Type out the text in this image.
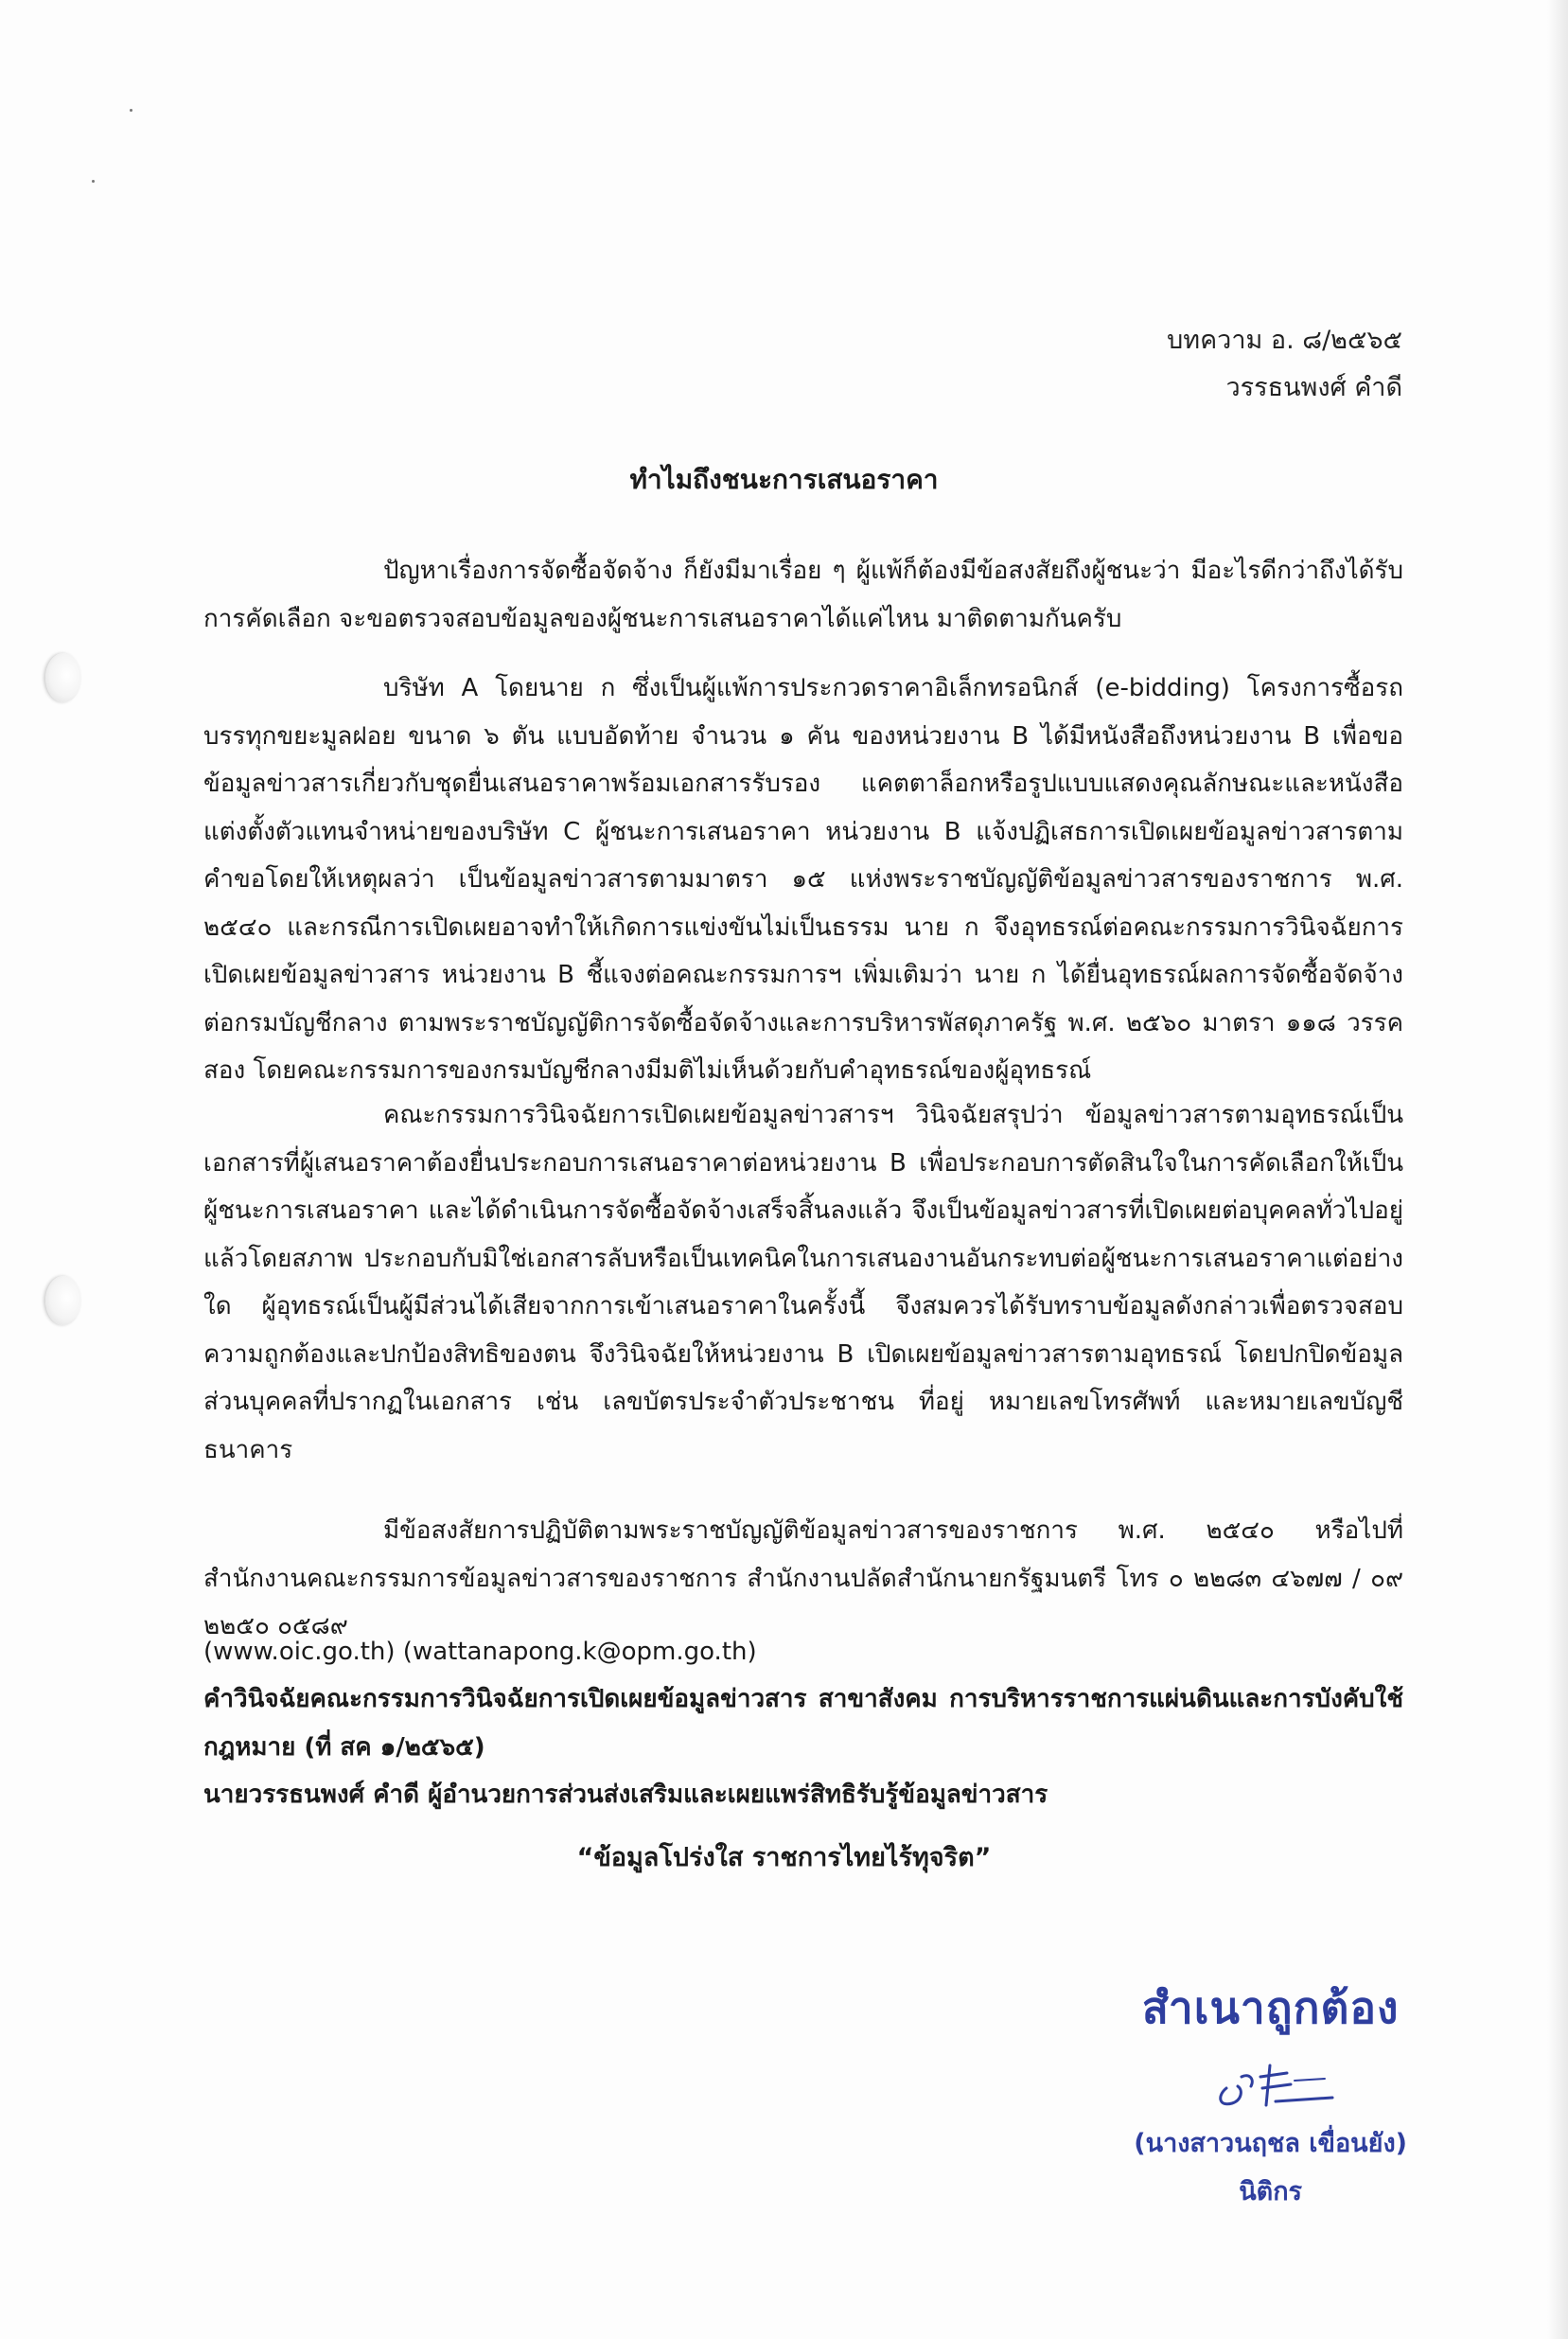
บทความ อ. ๘/๒๕๖๕
วรรธนพงศ์ คำดี
ทำไมถึงชนะการเสนอราคา
ปัญหาเรื่องการจัดซื้อจัดจ้าง ก็ยังมีมาเรื่อย ๆ ผู้แพ้ก็ต้องมีข้อสงสัยถึงผู้ชนะว่า มีอะไรดีกว่าถึงได้รับการคัดเลือก จะขอตรวจสอบข้อมูลของผู้ชนะการเสนอราคาได้แค่ไหน มาติดตามกันครับ
บริษัท A โดยนาย ก ซึ่งเป็นผู้แพ้การประกวดราคาอิเล็กทรอนิกส์ (e-bidding) โครงการซื้อรถบรรทุกขยะมูลฝอย ขนาด ๖ ตัน แบบอัดท้าย จำนวน ๑ คัน ของหน่วยงาน B ได้มีหนังสือถึงหน่วยงาน B เพื่อขอข้อมูลข่าวสารเกี่ยวกับชุดยื่นเสนอราคาพร้อมเอกสารรับรอง แคตตาล็อกหรือรูปแบบแสดงคุณลักษณะและหนังสือแต่งตั้งตัวแทนจำหน่ายของบริษัท C ผู้ชนะการเสนอราคา หน่วยงาน B แจ้งปฏิเสธการเปิดเผยข้อมูลข่าวสารตามคำขอโดยให้เหตุผลว่า เป็นข้อมูลข่าวสารตามมาตรา ๑๕ แห่งพระราชบัญญัติข้อมูลข่าวสารของราชการ พ.ศ. ๒๕๔๐ และกรณีการเปิดเผยอาจทำให้เกิดการแข่งขันไม่เป็นธรรม นาย ก จึงอุทธรณ์ต่อคณะกรรมการวินิจฉัยการเปิดเผยข้อมูลข่าวสาร หน่วยงาน B ชี้แจงต่อคณะกรรมการฯ เพิ่มเติมว่า นาย ก ได้ยื่นอุทธรณ์ผลการจัดซื้อจัดจ้างต่อกรมบัญชีกลาง ตามพระราชบัญญัติการจัดซื้อจัดจ้างและการบริหารพัสดุภาครัฐ พ.ศ. ๒๕๖๐ มาตรา ๑๑๘ วรรคสอง โดยคณะกรรมการของกรมบัญชีกลางมีมติไม่เห็นด้วยกับคำอุทธรณ์ของผู้อุทธรณ์
คณะกรรมการวินิจฉัยการเปิดเผยข้อมูลข่าวสารฯ วินิจฉัยสรุปว่า ข้อมูลข่าวสารตามอุทธรณ์เป็นเอกสารที่ผู้เสนอราคาต้องยื่นประกอบการเสนอราคาต่อหน่วยงาน B เพื่อประกอบการตัดสินใจในการคัดเลือกให้เป็นผู้ชนะการเสนอราคา และได้ดำเนินการจัดซื้อจัดจ้างเสร็จสิ้นลงแล้ว จึงเป็นข้อมูลข่าวสารที่เปิดเผยต่อบุคคลทั่วไปอยู่แล้วโดยสภาพ ประกอบกับมิใช่เอกสารลับหรือเป็นเทคนิคในการเสนองานอันกระทบต่อผู้ชนะการเสนอราคาแต่อย่างใด ผู้อุทธรณ์เป็นผู้มีส่วนได้เสียจากการเข้าเสนอราคาในครั้งนี้ จึงสมควรได้รับทราบข้อมูลดังกล่าวเพื่อตรวจสอบความถูกต้องและปกป้องสิทธิของตน จึงวินิจฉัยให้หน่วยงาน B เปิดเผยข้อมูลข่าวสารตามอุทธรณ์ โดยปกปิดข้อมูลส่วนบุคคลที่ปรากฏในเอกสาร เช่น เลขบัตรประจำตัวประชาชน ที่อยู่ หมายเลขโทรศัพท์ และหมายเลขบัญชีธนาคาร
มีข้อสงสัยการปฏิบัติตามพระราชบัญญัติข้อมูลข่าวสารของราชการ พ.ศ. ๒๕๔๐ หรือไปที่สำนักงานคณะกรรมการข้อมูลข่าวสารของราชการ สำนักงานปลัดสำนักนายกรัฐมนตรี โทร ๐ ๒๒๘๓ ๔๖๗๗ / ๐๙ ๒๒๕๐ ๐๕๘๙
(www.oic.go.th) (wattanapong.k@opm.go.th)
คำวินิจฉัยคณะกรรมการวินิจฉัยการเปิดเผยข้อมูลข่าวสาร สาขาสังคม การบริหารราชการแผ่นดินและการบังคับใช้กฎหมาย (ที่ สค ๑/๒๕๖๕)
นายวรรธนพงศ์ คำดี ผู้อำนวยการส่วนส่งเสริมและเผยแพร่สิทธิรับรู้ข้อมูลข่าวสาร
“ข้อมูลโปร่งใส ราชการไทยไร้ทุจริต”
สำเนาถูกต้อง
(นางสาวนฤชล เขื่อนยัง)
นิติกร
